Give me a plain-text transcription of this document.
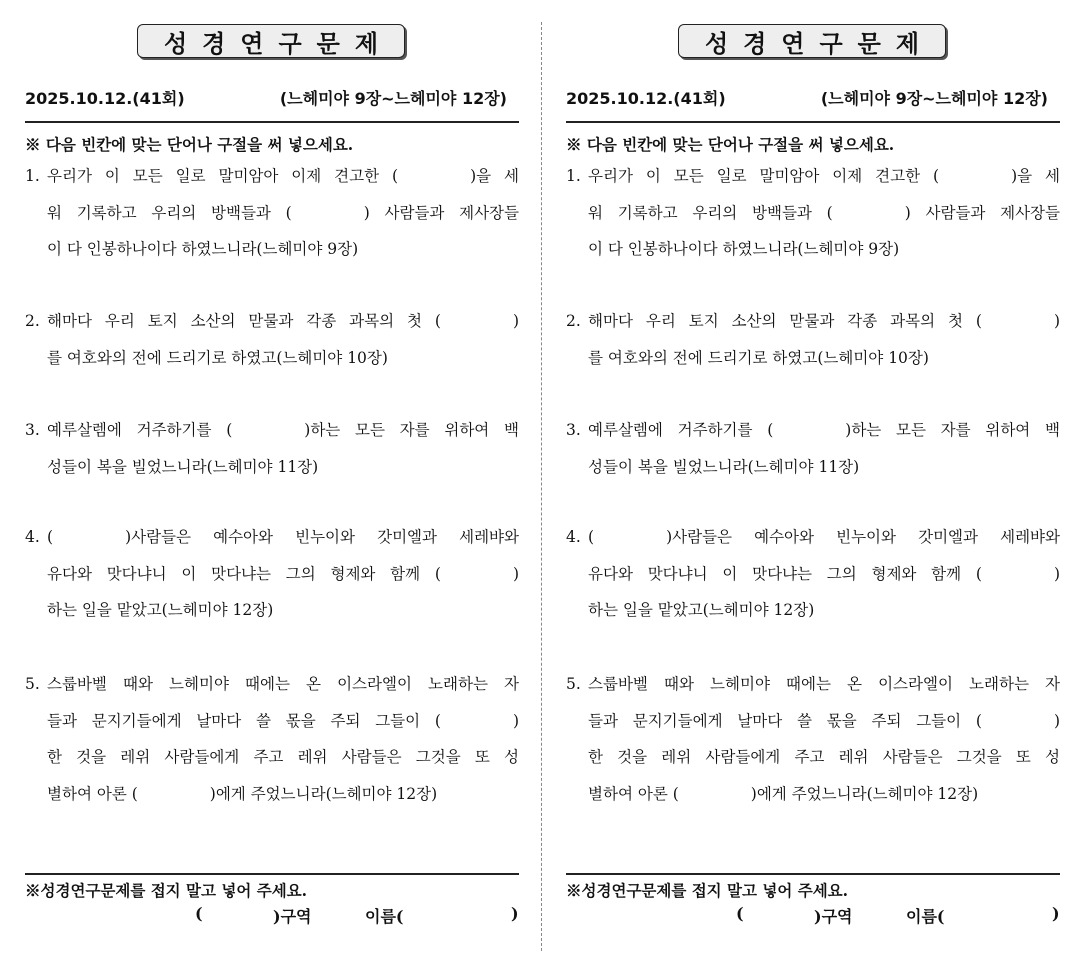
성경연구문제
2025.10.12.(41회)	(느헤미야 9장~느헤미야 12장)
※ 다음 빈칸에 맞는 단어나 구절을 써 넣으세요.
1. 우리가 이 모든 일로 말미암아 이제 견고한 (	)을 세
워 기록하고 우리의 방백들과 (	) 사람들과 제사장들
이 다 인봉하나이다 하였느니라(느헤미야 9장)
2. 해마다 우리 토지 소산의 맏물과 각종 과목의 첫 (	)
를 여호와의 전에 드리기로 하였고(느헤미야 10장)
3. 예루살렘에 거주하기를 (	)하는 모든 자를 위하여 백
성들이 복을 빌었느니라(느헤미야 11장)
4. (	)사람들은 예수아와 빈누이와 갓미엘과 세레뱌와
유다와 맛다냐니 이 맛다냐는 그의 형제와 함께 (	)
하는 일을 맡았고(느헤미야 12장)
5. 스룹바벨 때와 느헤미야 때에는 온 이스라엘이 노래하는 자
들과 문지기들에게 날마다 쓸 몫을 주되 그들이 (	)
한 것을 레위 사람들에게 주고 레위 사람들은 그것을 또 성
별하여 아론 (	)에게 주었느니라(느헤미야 12장)
※성경연구문제를 접지 말고 넣어 주세요.
(	)구역	이름(	)
성경연구문제
2025.10.12.(41회)	(느헤미야 9장~느헤미야 12장)
※ 다음 빈칸에 맞는 단어나 구절을 써 넣으세요.
1. 우리가 이 모든 일로 말미암아 이제 견고한 (	)을 세
워 기록하고 우리의 방백들과 (	) 사람들과 제사장들
이 다 인봉하나이다 하였느니라(느헤미야 9장)
2. 해마다 우리 토지 소산의 맏물과 각종 과목의 첫 (	)
를 여호와의 전에 드리기로 하였고(느헤미야 10장)
3. 예루살렘에 거주하기를 (	)하는 모든 자를 위하여 백
성들이 복을 빌었느니라(느헤미야 11장)
4. (	)사람들은 예수아와 빈누이와 갓미엘과 세레뱌와
유다와 맛다냐니 이 맛다냐는 그의 형제와 함께 (	)
하는 일을 맡았고(느헤미야 12장)
5. 스룹바벨 때와 느헤미야 때에는 온 이스라엘이 노래하는 자
들과 문지기들에게 날마다 쓸 몫을 주되 그들이 (	)
한 것을 레위 사람들에게 주고 레위 사람들은 그것을 또 성
별하여 아론 (	)에게 주었느니라(느헤미야 12장)
※성경연구문제를 접지 말고 넣어 주세요.
(	)구역	이름(	)
